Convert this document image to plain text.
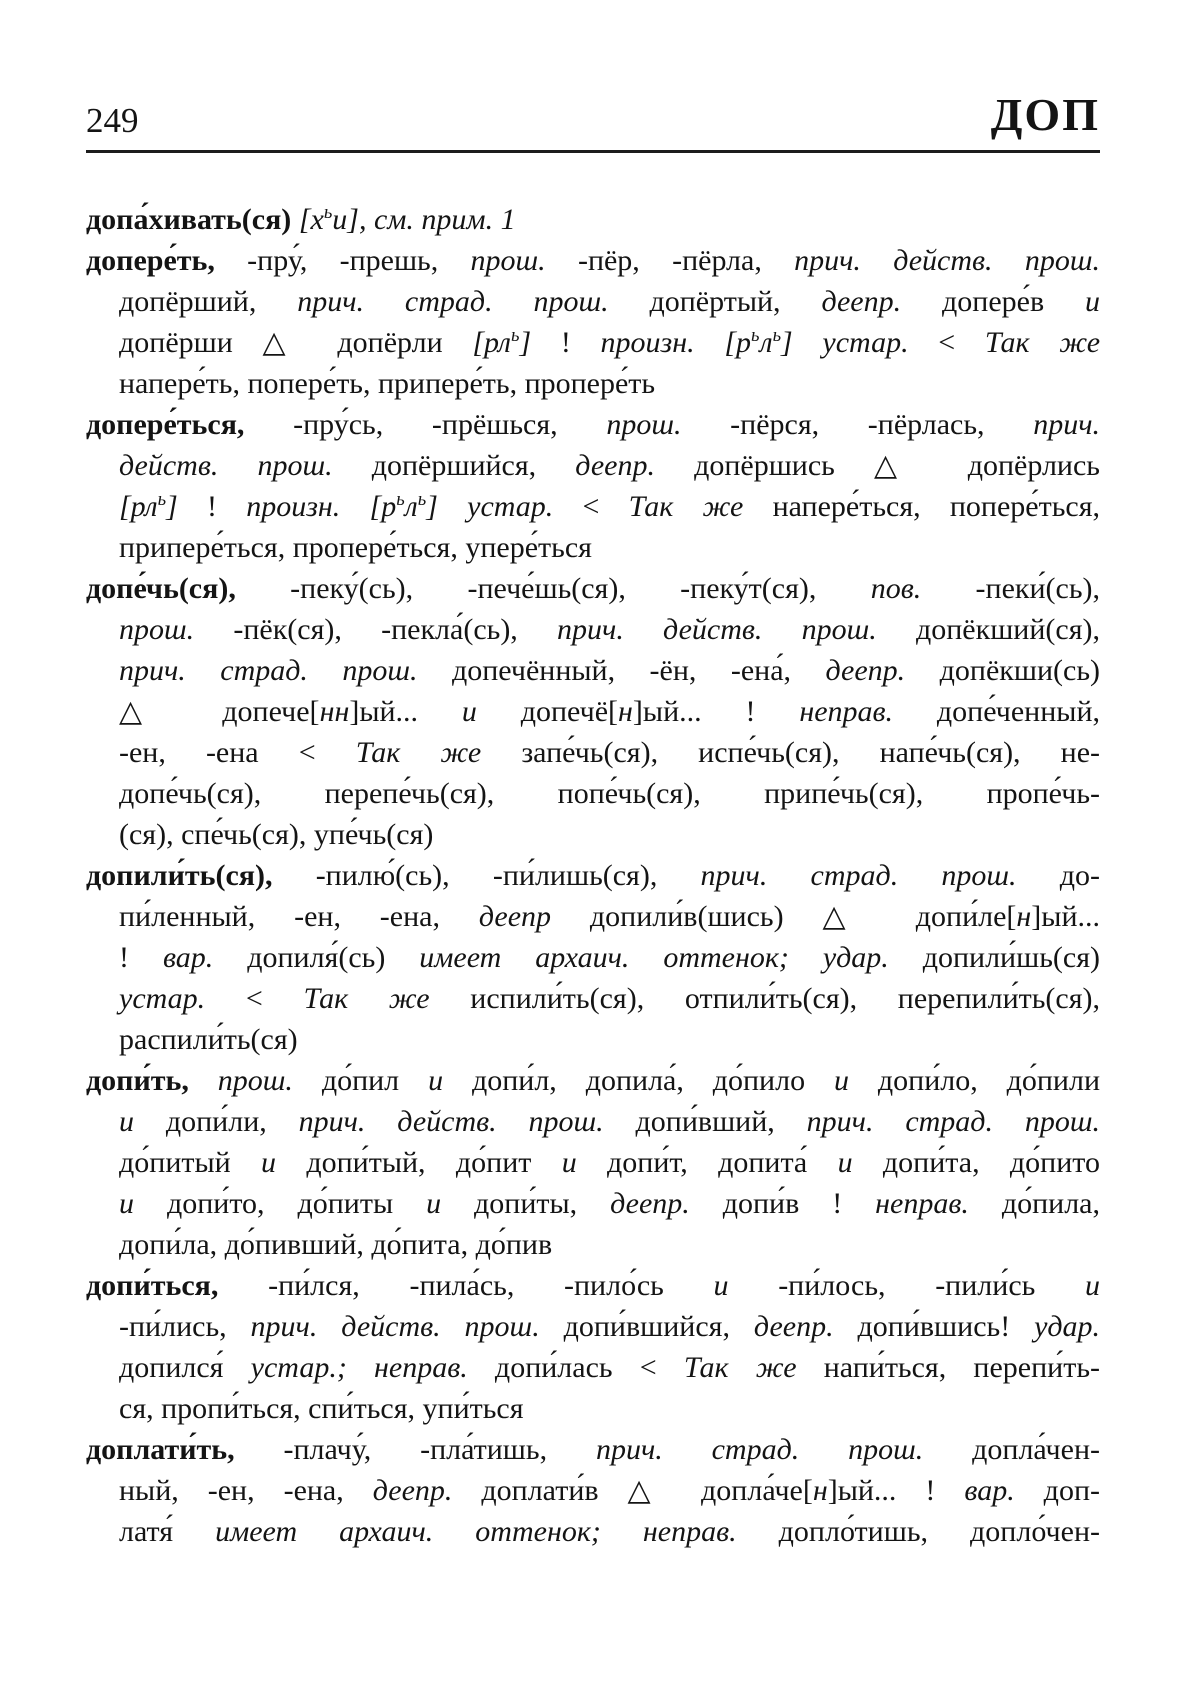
249	ДОП
допа́хивать(ся) $[х^ьи]$, см. прим. 1
допере́ть, -пру́, -прешь, прош. -пёр, -пёрла, прич. действ. прош.
допёрший, прич. страд. прош. допёртый, деепр. допере́в и
допёрши △ допёрли $[рл^ь]$ ! произн. $[р^ьл^ь]$ устар. < Так же
напере́ть, попере́ть, припере́ть, пропере́ть
допере́ться, -пру́сь, -прёшься, прош. -пёрся, -пёрлась, прич.
действ. прош. допёршийся, деепр. допёршись △ допёрлись
$[рл^ь]$ ! произн. $[р^ьл^ь]$ устар. < Так же напере́ться, попере́ться,
припере́ться, пропере́ться, упере́ться
допе́чь(ся), -пеку́(сь), -пече́шь(ся), -пеку́т(ся), пов. -пеки́(сь),
прош. -пёк(ся), -пекла́(сь), прич. действ. прош. допёкший(ся),
прич. страд. прош. допечённый, -ён, -ена́, деепр. допёкши(сь)
△ допече[нн]ый... и допечё[н]ый... ! неправ. допе́ченный,
-ен, -ена < Так же запе́чь(ся), испе́чь(ся), напе́чь(ся), не-
допе́чь(ся), перепе́чь(ся), попе́чь(ся), припе́чь(ся), пропе́чь-
(ся), спе́чь(ся), упе́чь(ся)
допили́ть(ся), -пилю́(сь), -пи́лишь(ся), прич. страд. прош. до-
пи́ленный, -ен, -ена, деепр допили́в(шись) △ допи́ле[н]ый...
! вар. допиля́(сь) имеет архаич. оттенок; удар. допили́шь(ся)
устар. < Так же испили́ть(ся), отпили́ть(ся), перепили́ть(ся),
распили́ть(ся)
допи́ть, прош. до́пил и допи́л, допила́, до́пило и допи́ло, до́пили
и допи́ли, прич. действ. прош. допи́вший, прич. страд. прош.
до́питый и допи́тый, до́пит и допи́т, допита́ и допи́та, до́пито
и допи́то, до́питы и допи́ты, деепр. допи́в ! неправ. до́пила,
допи́ла, до́пивший, до́пита, до́пив
допи́ться, -пи́лся, -пила́сь, -пило́сь и -пи́лось, -пили́сь и
-пи́лись, прич. действ. прош. допи́вшийся, деепр. допи́вшись! удар.
допился́ устар.; неправ. допи́лась < Так же напи́ться, перепи́ть-
ся, пропи́ться, спи́ться, упи́ться
доплати́ть, -плачу́, -пла́тишь, прич. страд. прош. допла́чен-
ный, -ен, -ена, деепр. доплати́в △ допла́че[н]ый... ! вар. доп-
латя́ имеет архаич. оттенок; неправ. допло́тишь, допло́чен-
